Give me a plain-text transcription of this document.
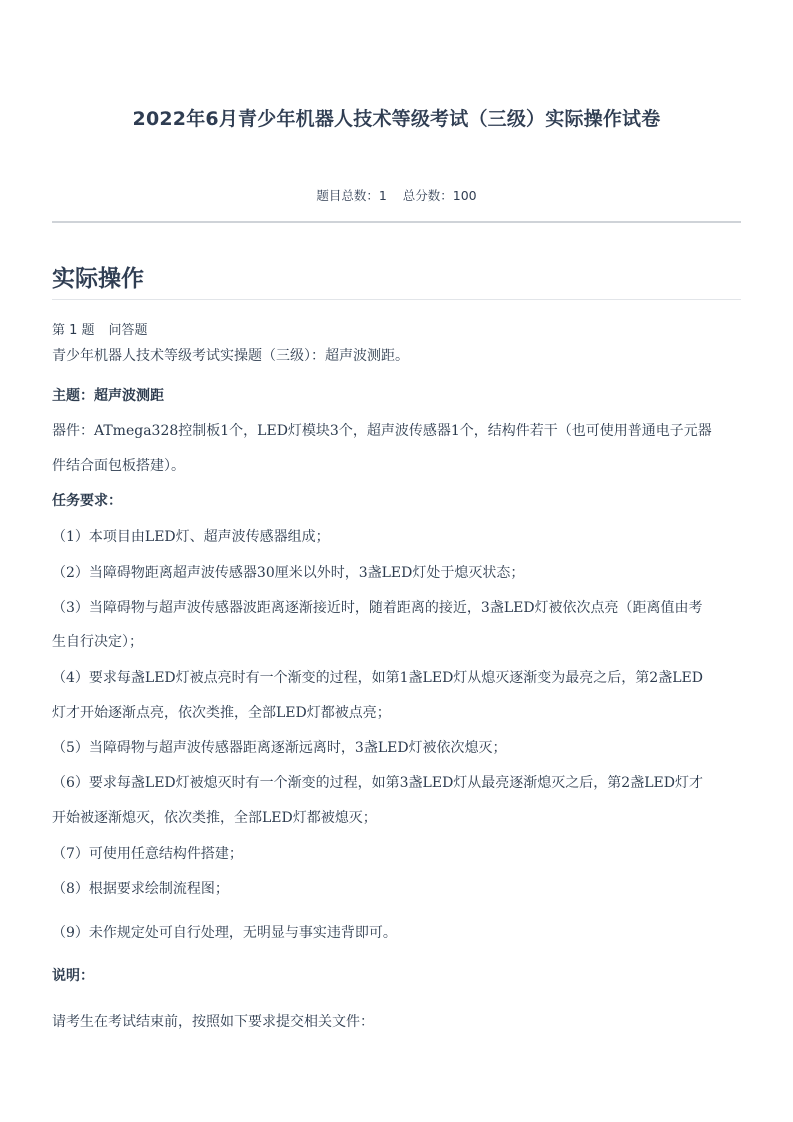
2022年6月青少年机器人技术等级考试（三级）实际操作试卷
题目总数：1 总分数：100
实际操作
第 1 题 问答题
青少年机器人技术等级考试实操题（三级）：超声波测距。
主题：超声波测距
器件：ATmega328控制板1个，LED灯模块3个，超声波传感器1个，结构件若干（也可使用普通电子元器
件结合面包板搭建）。
任务要求：
（1）本项目由LED灯、超声波传感器组成；
（2）当障碍物距离超声波传感器30厘米以外时，3盏LED灯处于熄灭状态；
（3）当障碍物与超声波传感器波距离逐渐接近时，随着距离的接近，3盏LED灯被依次点亮（距离值由考
生自行决定）；
（4）要求每盏LED灯被点亮时有一个渐变的过程，如第1盏LED灯从熄灭逐渐变为最亮之后，第2盏LED
灯才开始逐渐点亮，依次类推，全部LED灯都被点亮；
（5）当障碍物与超声波传感器距离逐渐远离时，3盏LED灯被依次熄灭；
（6）要求每盏LED灯被熄灭时有一个渐变的过程，如第3盏LED灯从最亮逐渐熄灭之后，第2盏LED灯才
开始被逐渐熄灭，依次类推，全部LED灯都被熄灭；
（7）可使用任意结构件搭建；
（8）根据要求绘制流程图；
（9）未作规定处可自行处理，无明显与事实违背即可。
说明：
请考生在考试结束前，按照如下要求提交相关文件：
